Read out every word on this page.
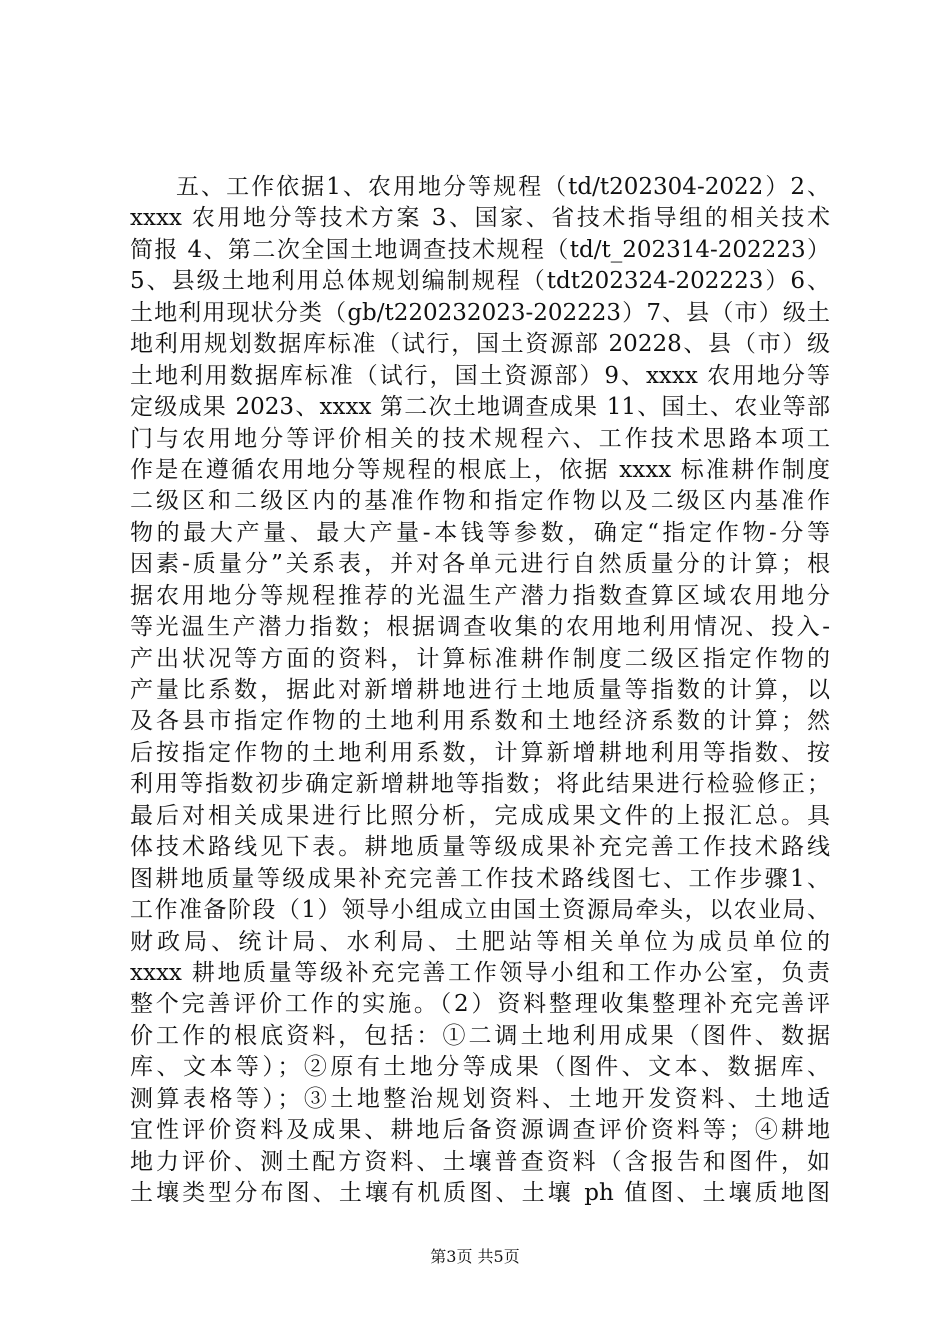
五、工作依据1、农用地分等规程（td/t202304-2022）2、
xxxx 农用地分等技术方案 3、国家、省技术指导组的相关技术
简报 4、第二次全国土地调查技术规程（td/t_202314-202223）
5、县级土地利用总体规划编制规程（tdt202324-202223）6、
土地利用现状分类（gb/t220232023-202223）7、县（市）级土
地利用规划数据库标准（试行，国土资源部 20228、县（市）级
土地利用数据库标准（试行，国土资源部）9、xxxx 农用地分等
定级成果 2023、xxxx 第二次土地调查成果 11、国土、农业等部
门与农用地分等评价相关的技术规程六、工作技术思路本项工
作是在遵循农用地分等规程的根底上，依据 xxxx 标准耕作制度
二级区和二级区内的基准作物和指定作物以及二级区内基准作
物的最大产量、最大产量-本钱等参数，确定“指定作物-分等
因素-质量分”关系表，并对各单元进行自然质量分的计算；根
据农用地分等规程推荐的光温生产潜力指数查算区域农用地分
等光温生产潜力指数；根据调查收集的农用地利用情况、投入-
产出状况等方面的资料，计算标准耕作制度二级区指定作物的
产量比系数，据此对新增耕地进行土地质量等指数的计算，以
及各县市指定作物的土地利用系数和土地经济系数的计算；然
后按指定作物的土地利用系数，计算新增耕地利用等指数、按
利用等指数初步确定新增耕地等指数；将此结果进行检验修正；
最后对相关成果进行比照分析，完成成果文件的上报汇总。具
体技术路线见下表。耕地质量等级成果补充完善工作技术路线
图耕地质量等级成果补充完善工作技术路线图七、工作步骤1、
工作准备阶段（1）领导小组成立由国土资源局牵头，以农业局、
财政局、统计局、水利局、土肥站等相关单位为成员单位的
xxxx 耕地质量等级补充完善工作领导小组和工作办公室，负责
整个完善评价工作的实施。（2）资料整理收集整理补充完善评
价工作的根底资料，包括：①二调土地利用成果（图件、数据
库、文本等）；②原有土地分等成果（图件、文本、数据库、
测算表格等）；③土地整治规划资料、土地开发资料、土地适
宜性评价资料及成果、耕地后备资源调查评价资料等；④耕地
地力评价、测土配方资料、土壤普查资料（含报告和图件，如
土壤类型分布图、土壤有机质图、土壤 ph 值图、土壤质地图
第3页 共5页
